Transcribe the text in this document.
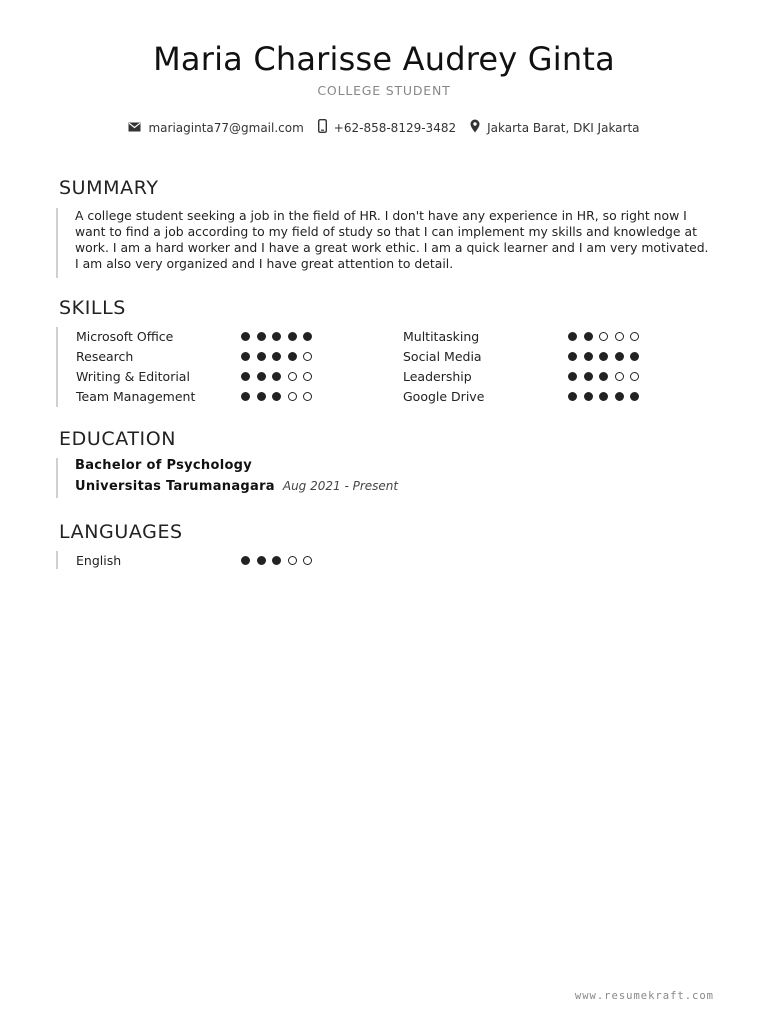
Maria Charisse Audrey Ginta
COLLEGE STUDENT
mariaginta77@gmail.com	+62-858-8129-3482	Jakarta Barat, DKI Jakarta
SUMMARY

A college student seeking a job in the field of HR. I don't have any experience in HR, so right now I want to find a job according to my field of study so that I can implement my skills and knowledge at work. I am a hard worker and I have a great work ethic. I am a quick learner and I am very motivated. I am also very organized and I have great attention to detail.

SKILLS
Microsoft Office	Multitasking
Research	Social Media
Writing & Editorial	Leadership
Team Management	Google Drive
EDUCATION
Bachelor of Psychology
Universitas Tarumanagara Aug 2021 - Present
LANGUAGES
English
www.resumekraft.com
